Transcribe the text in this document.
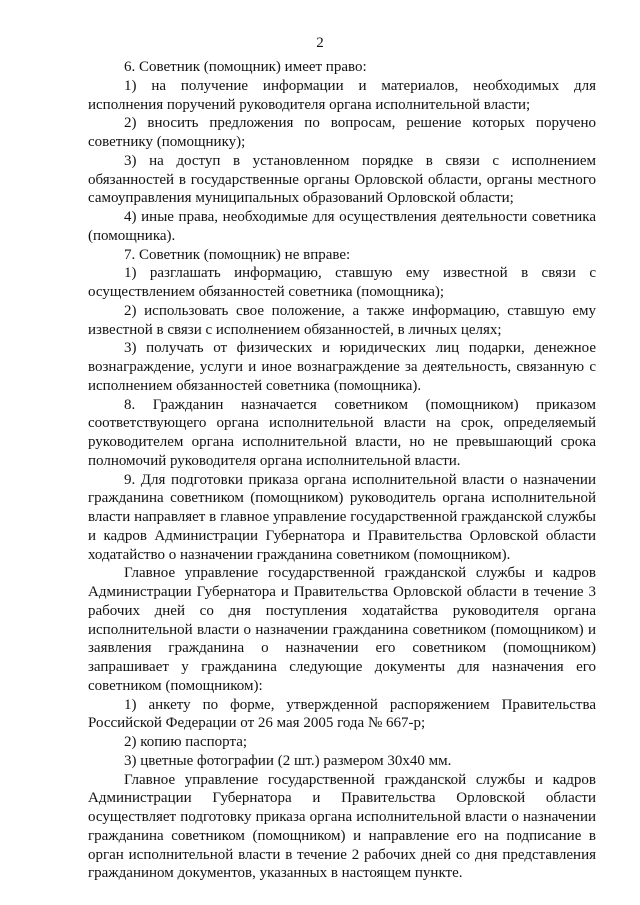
2

6. Советник (помощник) имеет право:

1) на получение информации и материалов, необходимых для исполнения поручений руководителя органа исполнительной власти;

2) вносить предложения по вопросам, решение которых поручено советнику (помощнику);

3) на доступ в установленном порядке в связи с исполнением обязанностей в государственные органы Орловской области, органы местного самоуправления муниципальных образований Орловской области;

4) иные права, необходимые для осуществления деятельности советника (помощника).

7. Советник (помощник) не вправе:

1) разглашать информацию, ставшую ему известной в связи с осуществлением обязанностей советника (помощника);

2) использовать свое положение, а также информацию, ставшую ему известной в связи с исполнением обязанностей, в личных целях;

3) получать от физических и юридических лиц подарки, денежное вознаграждение, услуги и иное вознаграждение за деятельность, связанную с исполнением обязанностей советника (помощника).

8. Гражданин назначается советником (помощником) приказом соответствующего органа исполнительной власти на срок, определяемый руководителем органа исполнительной власти, но не превышающий срока полномочий руководителя органа исполнительной власти.

9. Для подготовки приказа органа исполнительной власти о назначении гражданина советником (помощником) руководитель органа исполнительной власти направляет в главное управление государственной гражданской службы и кадров Администрации Губернатора и Правительства Орловской области ходатайство о назначении гражданина советником (помощником).

Главное управление государственной гражданской службы и кадров Администрации Губернатора и Правительства Орловской области в течение 3 рабочих дней со дня поступления ходатайства руководителя органа исполнительной власти о назначении гражданина советником (помощником) и заявления гражданина о назначении его советником (помощником) запрашивает у гражданина следующие документы для назначения его советником (помощником):

1) анкету по форме, утвержденной распоряжением Правительства Российской Федерации от 26 мая 2005 года № 667-р;

2) копию паспорта;

3) цветные фотографии (2 шт.) размером 30х40 мм.

Главное управление государственной гражданской службы и кадров Администрации Губернатора и Правительства Орловской области осуществляет подготовку приказа органа исполнительной власти о назначении гражданина советником (помощником) и направление его на подписание в орган исполнительной власти в течение 2 рабочих дней со дня представления гражданином документов, указанных в настоящем пункте.
